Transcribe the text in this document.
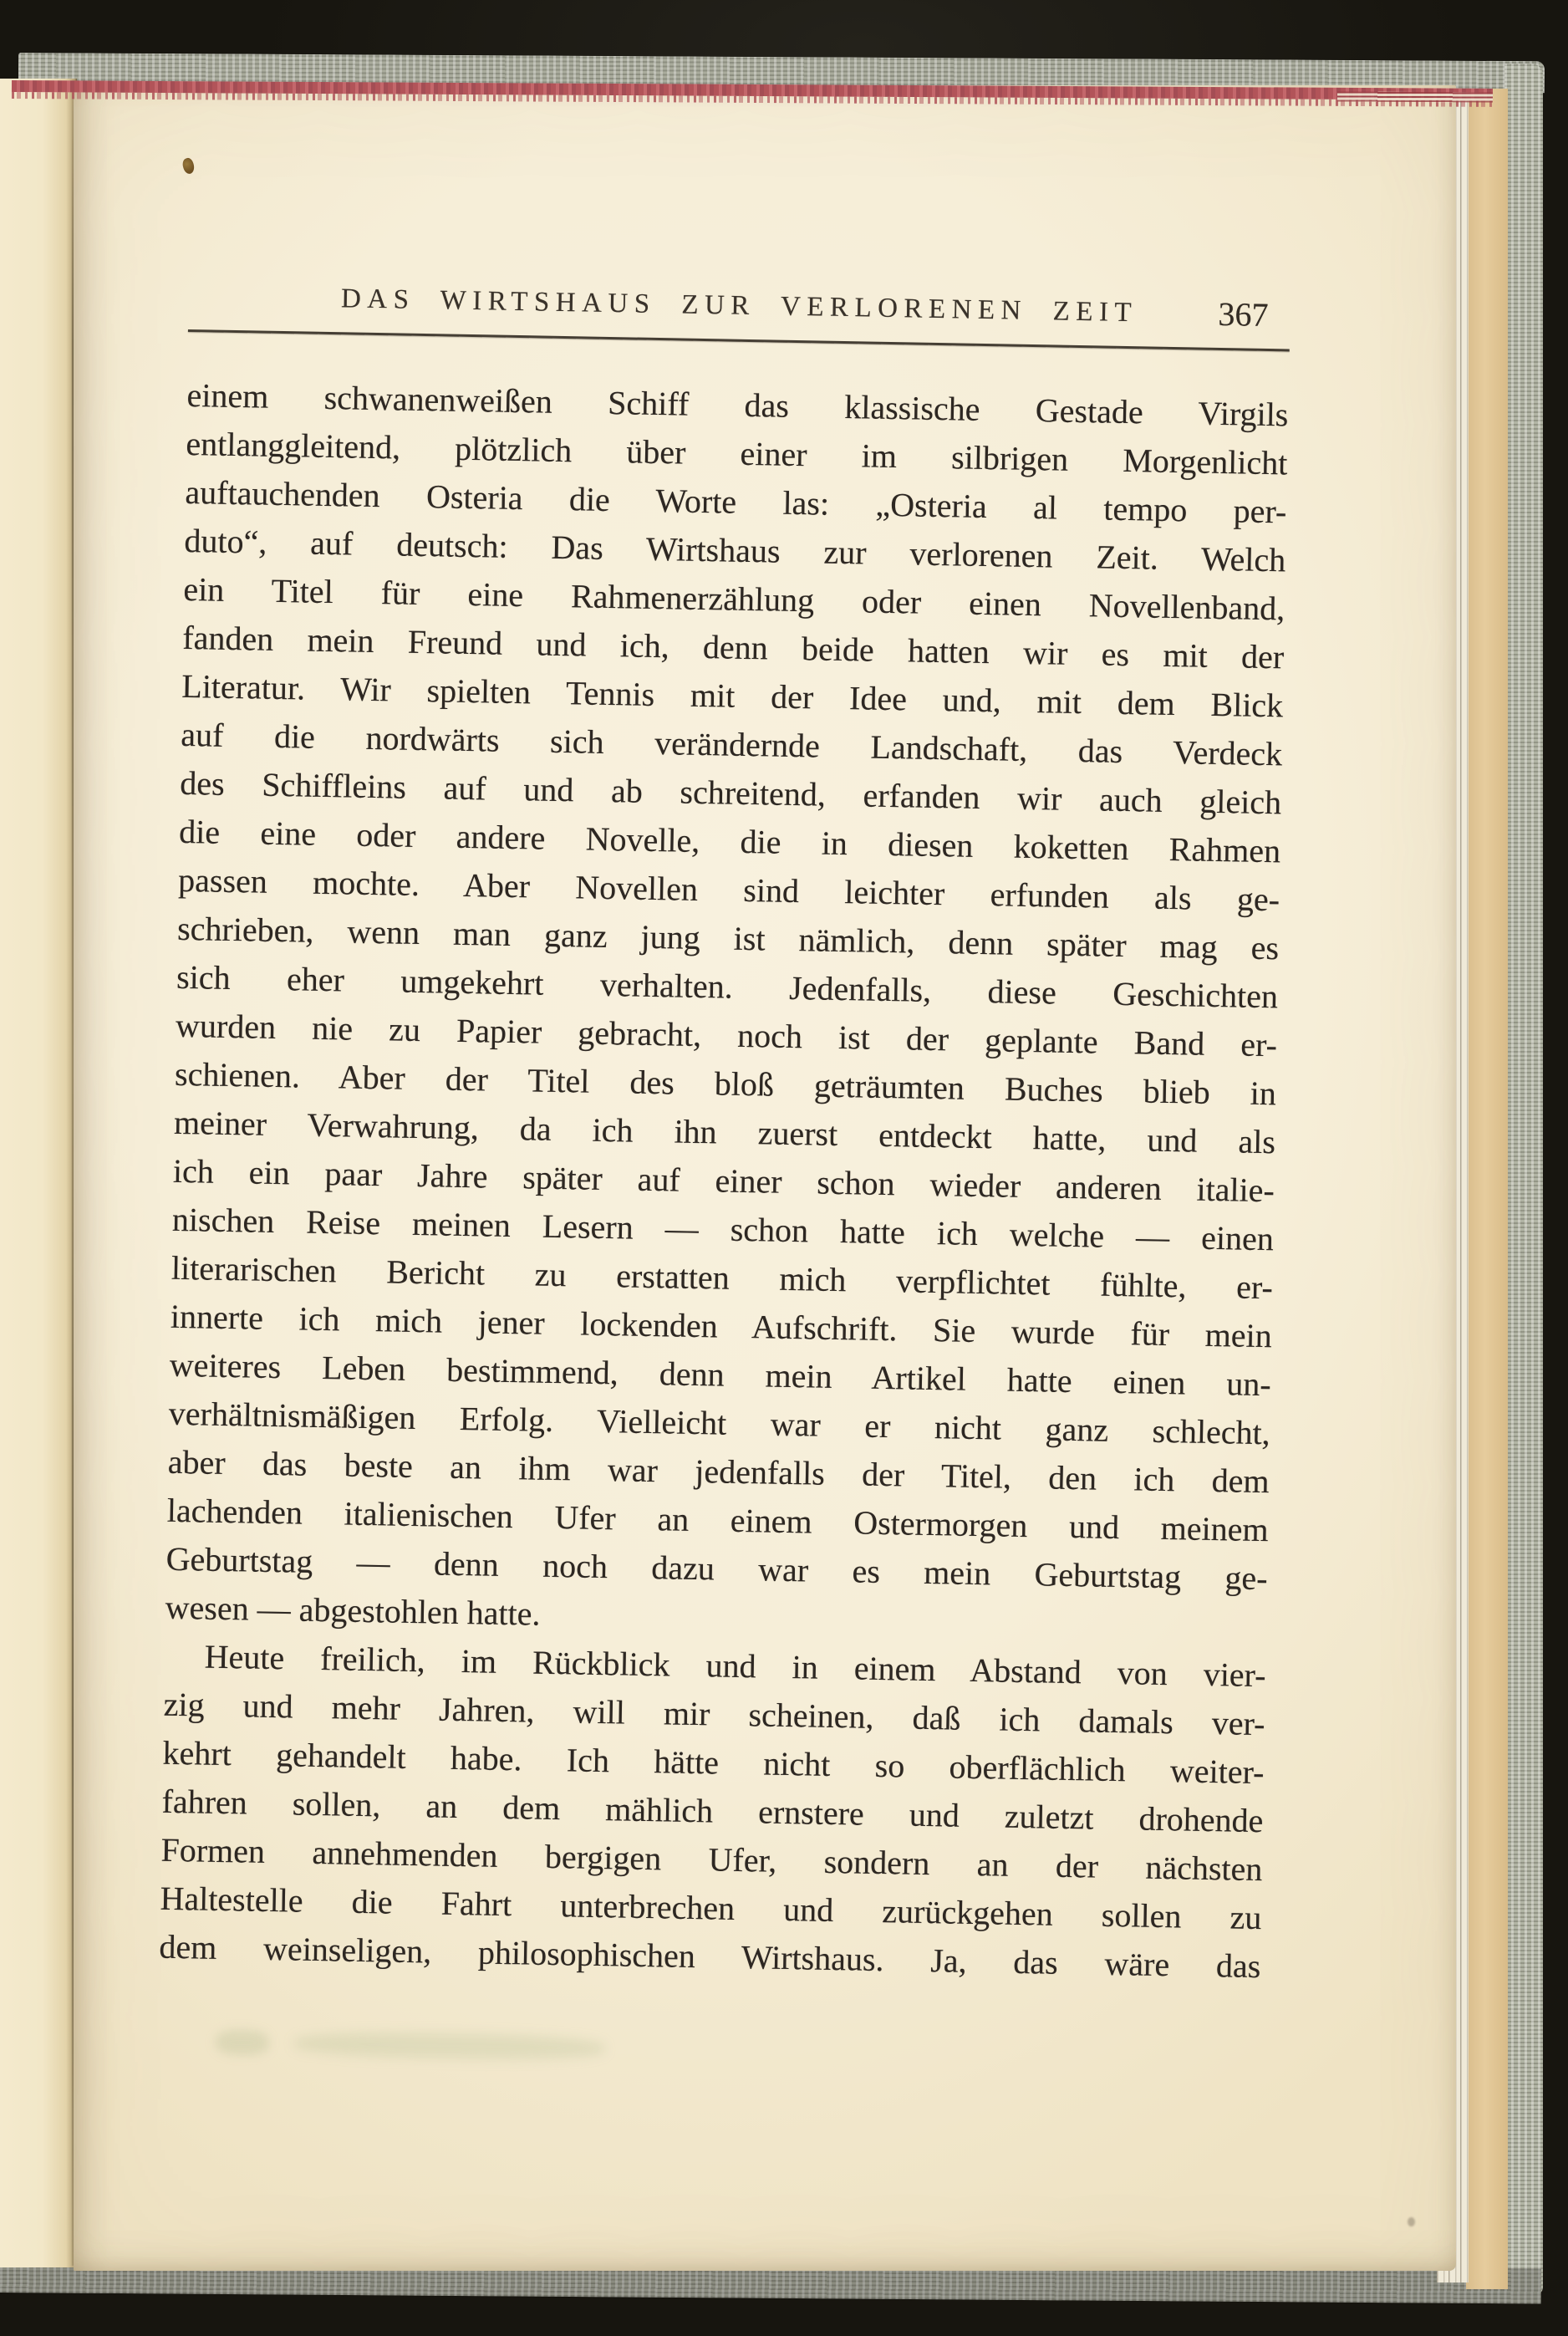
DAS WIRTSHAUS ZUR VERLORENEN ZEIT	367
einem schwanenweißen Schiff das klassische Gestade Virgils
entlanggleitend, plötzlich über einer im silbrigen Morgenlicht
auftauchenden Osteria die Worte las: „Osteria al tempo per-
duto“, auf deutsch: Das Wirtshaus zur verlorenen Zeit. Welch
ein Titel für eine Rahmenerzählung oder einen Novellenband,
fanden mein Freund und ich, denn beide hatten wir es mit der
Literatur. Wir spielten Tennis mit der Idee und, mit dem Blick
auf die nordwärts sich verändernde Landschaft, das Verdeck
des Schiffleins auf und ab schreitend, erfanden wir auch gleich
die eine oder andere Novelle, die in diesen koketten Rahmen
passen mochte. Aber Novellen sind leichter erfunden als ge-
schrieben, wenn man ganz jung ist nämlich, denn später mag es
sich eher umgekehrt verhalten. Jedenfalls, diese Geschichten
wurden nie zu Papier gebracht, noch ist der geplante Band er-
schienen. Aber der Titel des bloß geträumten Buches blieb in
meiner Verwahrung, da ich ihn zuerst entdeckt hatte, und als
ich ein paar Jahre später auf einer schon wieder anderen italie-
nischen Reise meinen Lesern — schon hatte ich welche — einen
literarischen Bericht zu erstatten mich verpflichtet fühlte, er-
innerte ich mich jener lockenden Aufschrift. Sie wurde für mein
weiteres Leben bestimmend, denn mein Artikel hatte einen un-
verhältnismäßigen Erfolg. Vielleicht war er nicht ganz schlecht,
aber das beste an ihm war jedenfalls der Titel, den ich dem
lachenden italienischen Ufer an einem Ostermorgen und meinem
Geburtstag — denn noch dazu war es mein Geburtstag ge-
wesen — abgestohlen hatte.
Heute freilich, im Rückblick und in einem Abstand von vier-
zig und mehr Jahren, will mir scheinen, daß ich damals ver-
kehrt gehandelt habe. Ich hätte nicht so oberflächlich weiter-
fahren sollen, an dem mählich ernstere und zuletzt drohende
Formen annehmenden bergigen Ufer, sondern an der nächsten
Haltestelle die Fahrt unterbrechen und zurückgehen sollen zu
dem weinseligen, philosophischen Wirtshaus. Ja, das wäre das
